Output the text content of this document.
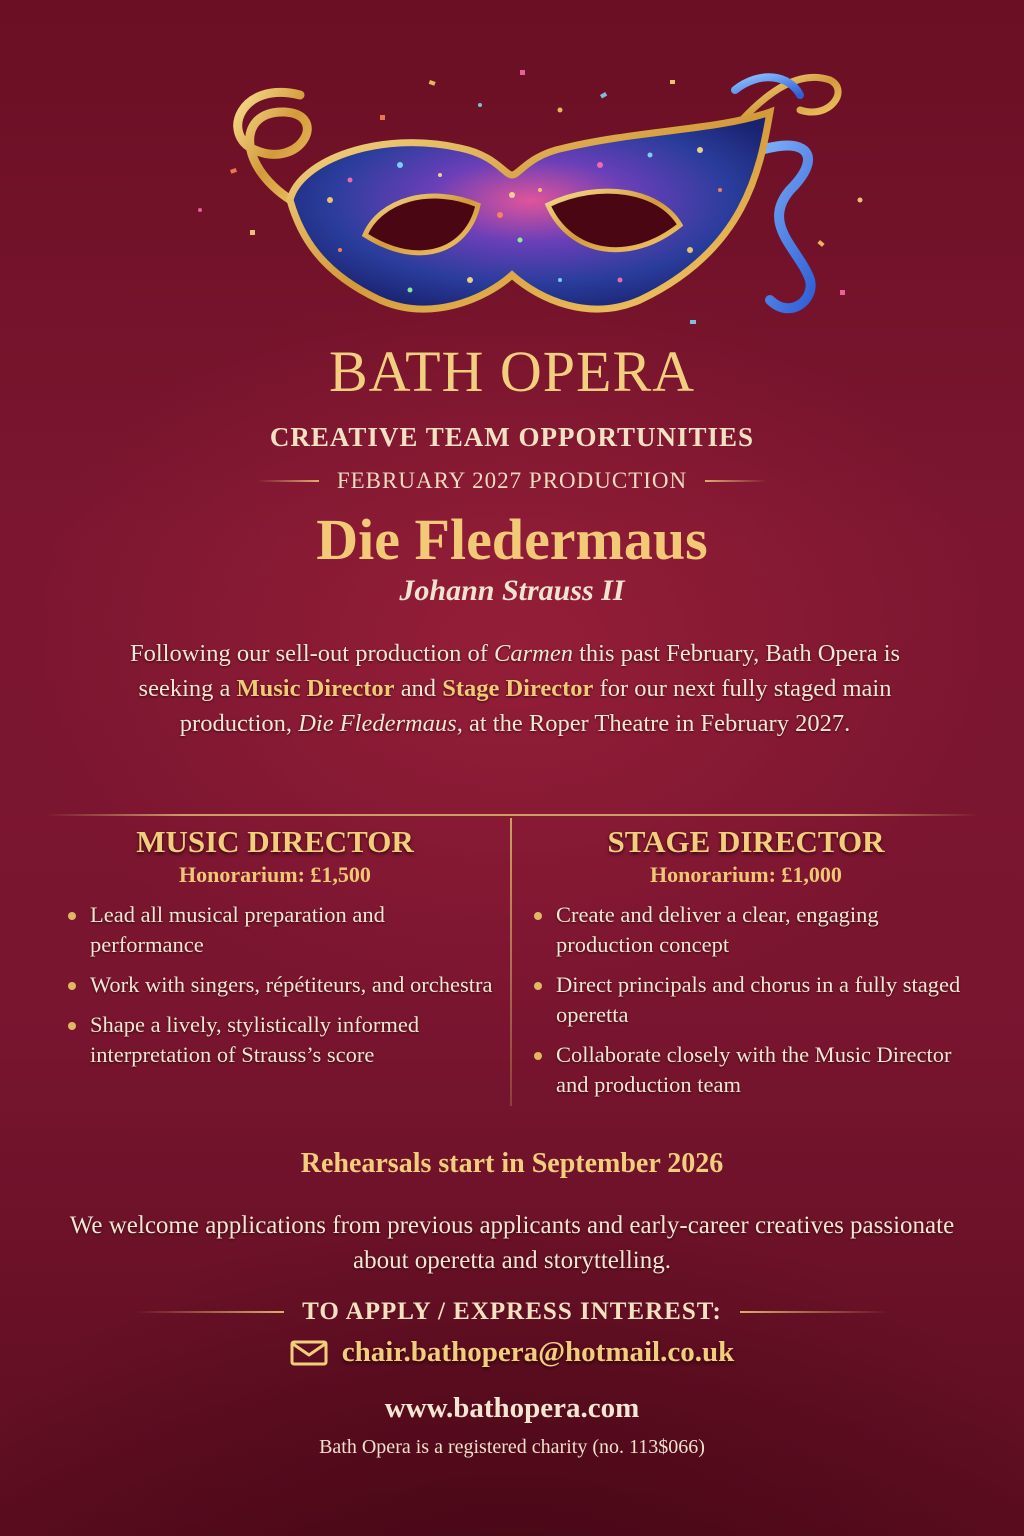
BATH OPERA
CREATIVE TEAM OPPORTUNITIES
FEBRUARY 2027 PRODUCTION
Die Fledermaus
Johann Strauss II
Following our sell-out production of Carmen this past February, Bath Opera is seeking a Music Director and Stage Director for our next fully staged main production, Die Fledermaus, at the Roper Theatre in February 2027.
MUSIC DIRECTOR
Honorarium: £1,500
Lead all musical preparation and performance
Work with singers, répétiteurs, and orchestra
Shape a lively, stylistically informed interpretation of Strauss’s score
STAGE DIRECTOR
Honorarium: £1,000
Create and deliver a clear, engaging production concept
Direct principals and chorus in a fully staged operetta
Collaborate closely with the Music Director and production team
Rehearsals start in September 2026
We welcome applications from previous applicants and early-career creatives passionate about operetta and storyttelling.
TO APPLY / EXPRESS INTEREST:
chair.bathopera@hotmail.co.uk
www.bathopera.com
Bath Opera is a registered charity (no. 113$066)
